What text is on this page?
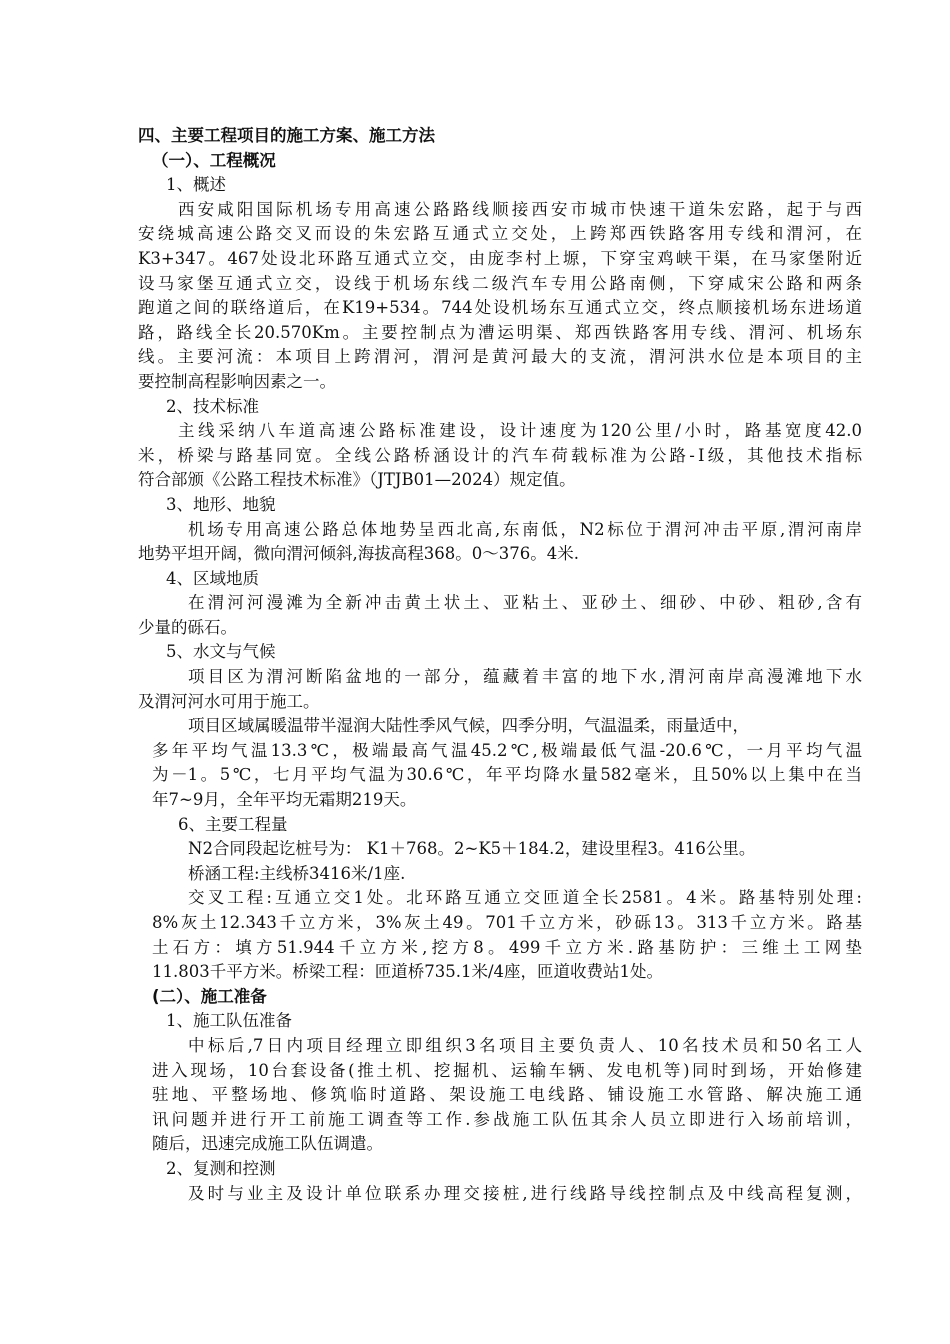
四、主要工程项目的施工方案、施工方法
（一）、工程概况
1、概述
西安咸阳国际机场专用高速公路路线顺接西安市城市快速干道朱宏路，起于与西
安绕城高速公路交叉而设的朱宏路互通式立交处，上跨郑西铁路客用专线和渭河，在
K3+347。467处设北环路互通式立交，由庞李村上塬，下穿宝鸡峡干渠，在马家堡附近
设马家堡互通式立交，设线于机场东线二级汽车专用公路南侧，下穿咸宋公路和两条
跑道之间的联络道后，在K19+534。744处设机场东互通式立交，终点顺接机场东进场道
路，路线全长20.570Km。主要控制点为漕运明渠、郑西铁路客用专线、渭河、机场东
线。主要河流：本项目上跨渭河，渭河是黄河最大的支流，渭河洪水位是本项目的主
要控制高程影响因素之一。
2、技术标准
主线采纳八车道高速公路标准建设，设计速度为120公里/小时，路基宽度42.0
米，桥梁与路基同宽。全线公路桥涵设计的汽车荷载标准为公路-Ⅰ级，其他技术指标
符合部颁《公路工程技术标准》（JTJB01—2024）规定值。
3、地形、地貌
机场专用高速公路总体地势呈西北高,东南低，N2标位于渭河冲击平原,渭河南岸
地势平坦开阔，微向渭河倾斜,海拔高程368。0～376。4米.
4、区域地质
在渭河河漫滩为全新冲击黄土状土、亚粘土、亚砂土、细砂、中砂、粗砂,含有
少量的砾石。
5、水文与气候
项目区为渭河断陷盆地的一部分，蕴藏着丰富的地下水,渭河南岸高漫滩地下水
及渭河河水可用于施工。
项目区域属暖温带半湿润大陆性季风气候，四季分明，气温温柔，雨量适中，
多年平均气温13.3℃，极端最高气温45.2℃,极端最低气温-20.6℃，一月平均气温
为－1。5℃，七月平均气温为30.6℃，年平均降水量582毫米，且50%以上集中在当
年7~9月，全年平均无霜期219天。
6、主要工程量
N2合同段起讫桩号为： K1＋768。2~K5＋184.2，建设里程3。416公里。
桥涵工程:主线桥3416米/1座.
交叉工程:互通立交1处。北环路互通立交匝道全长2581。4米。路基特别处理:
8%灰土12.343千立方米，3%灰土49。701千立方米，砂砾13。313千立方米。路基
土石方：填方51.944千立方米,挖方8。499千立方米.路基防护：三维土工网垫
11.803千平方米。桥梁工程：匝道桥735.1米/4座，匝道收费站1处。
(二）、施工准备
1、施工队伍准备
中标后,7日内项目经理立即组织3名项目主要负责人、10名技术员和50名工人
进入现场，10台套设备(推土机、挖掘机、运输车辆、发电机等)同时到场，开始修建
驻地、平整场地、修筑临时道路、架设施工电线路、铺设施工水管路、解决施工通
讯问题并进行开工前施工调查等工作.参战施工队伍其余人员立即进行入场前培训，
随后，迅速完成施工队伍调遣。
2、复测和控测
及时与业主及设计单位联系办理交接桩,进行线路导线控制点及中线高程复测，
